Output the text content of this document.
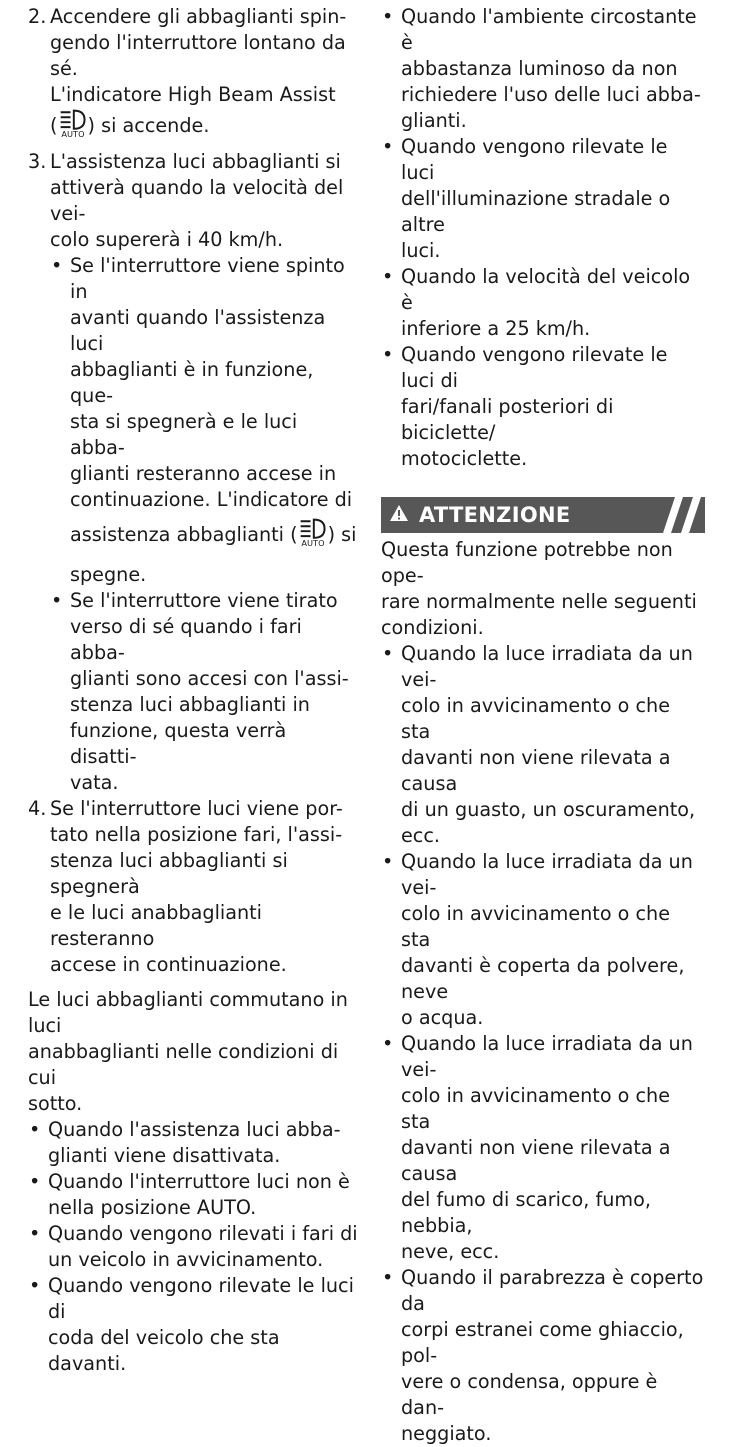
2. Accendere gli abbaglianti spin-
gendo l'interruttore lontano da sé.
L'indicatore High Beam Assist
( AUTO ) si accende.
3. L'assistenza luci abbaglianti si
attiverà quando la velocità del vei-
colo supererà i 40 km/h.
• Se l'interruttore viene spinto in
avanti quando l'assistenza luci
abbaglianti è in funzione, que-
sta si spegnerà e le luci abba-
glianti resteranno accese in
continuazione. L'indicatore di
assistenza abbaglianti ( AUTO ) si
spegne.
• Se l'interruttore viene tirato
verso di sé quando i fari abba-
glianti sono accesi con l'assi-
stenza luci abbaglianti in
funzione, questa verrà disatti-
vata.
4. Se l'interruttore luci viene por-
tato nella posizione fari, l'assi-
stenza luci abbaglianti si spegnerà
e le luci anabbaglianti resteranno
accese in continuazione.
Le luci abbaglianti commutano in luci
anabbaglianti nelle condizioni di cui
sotto.
• Quando l'assistenza luci abba-
glianti viene disattivata.
• Quando l'interruttore luci non è
nella posizione AUTO.
• Quando vengono rilevati i fari di
un veicolo in avvicinamento.
• Quando vengono rilevate le luci di
coda del veicolo che sta davanti.
• Quando l'ambiente circostante è
abbastanza luminoso da non
richiedere l'uso delle luci abba-
glianti.
• Quando vengono rilevate le luci
dell'illuminazione stradale o altre
luci.
• Quando la velocità del veicolo è
inferiore a 25 km/h.
• Quando vengono rilevate le luci di
fari/fanali posteriori di biciclette/
motociclette.
ATTENZIONE
Questa funzione potrebbe non ope-
rare normalmente nelle seguenti
condizioni.
• Quando la luce irradiata da un vei-
colo in avvicinamento o che sta
davanti non viene rilevata a causa
di un guasto, un oscuramento,
ecc.
• Quando la luce irradiata da un vei-
colo in avvicinamento o che sta
davanti è coperta da polvere, neve
o acqua.
• Quando la luce irradiata da un vei-
colo in avvicinamento o che sta
davanti non viene rilevata a causa
del fumo di scarico, fumo, nebbia,
neve, ecc.
• Quando il parabrezza è coperto da
corpi estranei come ghiaccio, pol-
vere o condensa, oppure è dan-
neggiato.
